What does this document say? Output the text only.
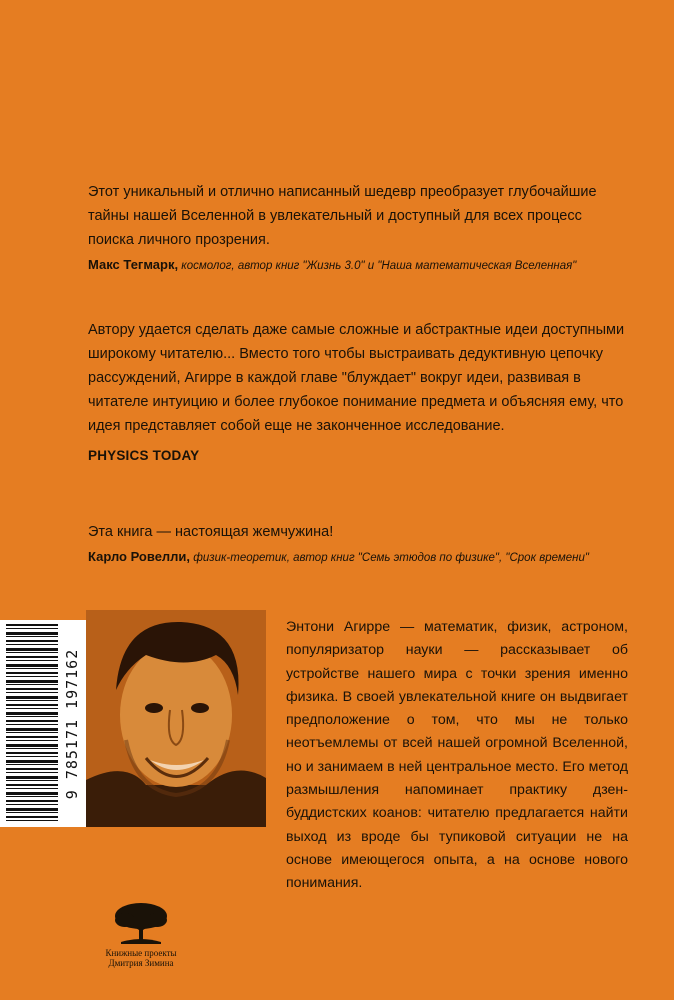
Этот уникальный и отлично написанный шедевр преобразует глубочайшие тайны нашей Вселенной в увлекательный и доступный для всех процесс поиска личного прозрения.

Макс Тегмарк, космолог, автор книг "Жизнь 3.0" и "Наша математическая Вселенная"

Автору удается сделать даже самые сложные и абстрактные идеи доступными широкому читателю... Вместо того чтобы выстраивать дедуктивную цепочку рассуждений, Агирре в каждой главе "блуждает" вокруг идеи, развивая в читателе интуицию и более глубокое понимание предмета и объясняя ему, что идея представляет собой еще не законченное исследование.

PHYSICS TODAY

Эта книга — настоящая жемчужина!

Карло Ровелли, физик-теоретик, автор книг "Семь этюдов по физике", "Срок времени"
9 785171 197162

Энтони Агирре — математик, физик, астроном, популяризатор науки — рассказывает об устройстве нашего мира с точки зрения именно физика. В своей увлекательной книге он выдвигает предположение о том, что мы не только неотъемлемы от всей нашей огромной Вселенной, но и занимаем в ней центральное место. Его метод размышления напоминает практику дзен-буддистских коанов: читателю предлагается найти выход из вроде бы тупиковой ситуации не на основе имеющегося опыта, а на основе нового понимания.

Книжные проекты
Дмитрия Зимина
